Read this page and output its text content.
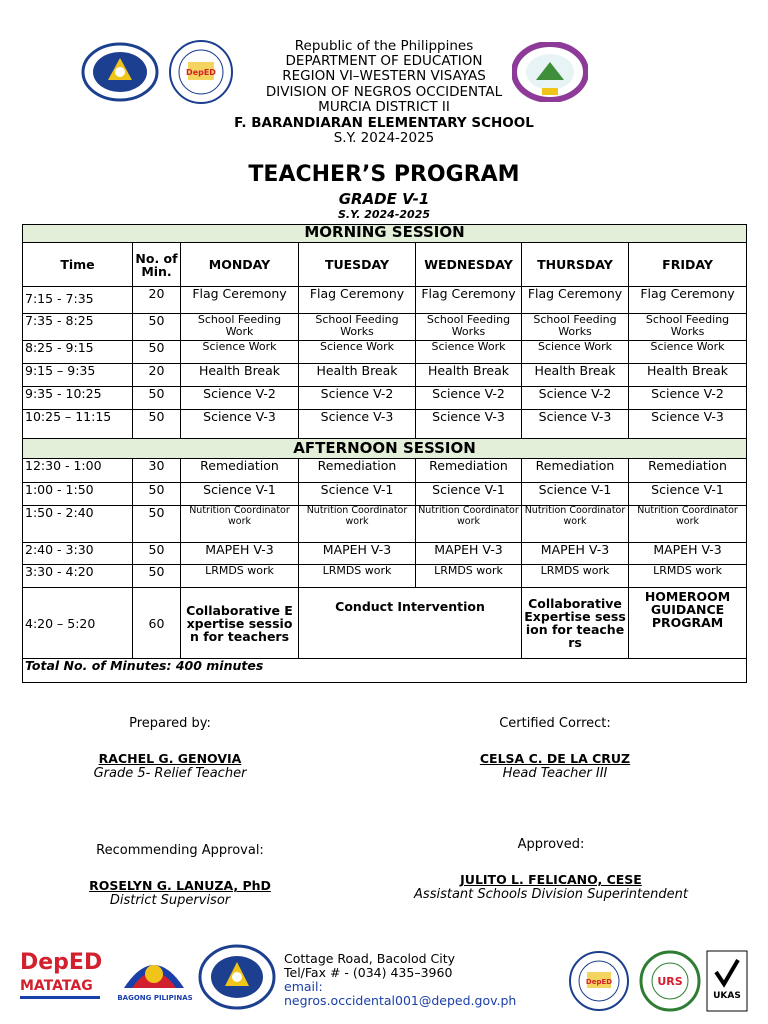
DepED
Republic of the Philippines
DEPARTMENT OF EDUCATION
REGION VI–WESTERN VISAYAS
DIVISION OF NEGROS OCCIDENTAL
MURCIA DISTRICT II
F. BARANDIARAN ELEMENTARY SCHOOL
S.Y. 2024-2025
TEACHER’S PROGRAM
GRADE V-1
S.Y. 2024-2025
MORNING SESSION						
Time	No. of Min.	MONDAY	TUESDAY	WEDNESDAY	THURSDAY	FRIDAY
7:15 - 7:35	20	Flag Ceremony	Flag Ceremony	Flag Ceremony	Flag Ceremony	Flag Ceremony
7:35 - 8:25	50	School Feeding Work	School Feeding Works	School Feeding Works	School Feeding Works	School Feeding Works
8:25 - 9:15	50	Science Work	Science Work	Science Work	Science Work	Science Work
9:15 – 9:35	20	Health Break	Health Break	Health Break	Health Break	Health Break
9:35 - 10:25	50	Science V-2	Science V-2	Science V-2	Science V-2	Science V-2
10:25 – 11:15	50	Science V-3	Science V-3	Science V-3	Science V-3	Science V-3
AFTERNOON SESSION						
12:30 - 1:00	30	Remediation	Remediation	Remediation	Remediation	Remediation
1:00 - 1:50	50	Science V-1	Science V-1	Science V-1	Science V-1	Science V-1
1:50 - 2:40	50	Nutrition Coordinator work	Nutrition Coordinator work	Nutrition Coordinator work	Nutrition Coordinator work	Nutrition Coordinator work
2:40 - 3:30	50	MAPEH V-3	MAPEH V-3	MAPEH V-3	MAPEH V-3	MAPEH V-3
3:30 - 4:20	50	LRMDS work	LRMDS work	LRMDS work	LRMDS work	LRMDS work
4:20 – 5:20	60	Collaborative Expertise session for teachers	Conduct Intervention		Collaborative Expertise session for teachers	HOMEROOM GUIDANCE PROGRAM
Total No. of Minutes: 400 minutes						
Prepared by:
RACHEL G. GENOVIA
Grade 5- Relief Teacher
Certified Correct:
CELSA C. DE LA CRUZ
Head Teacher III
Recommending Approval:
ROSELYN G. LANUZA, PhD
District Supervisor
Approved:
JULITO L. FELICANO, CESE
Assistant Schools Division Superintendent
DepED
MATATAG
BAGONG PILIPINAS
Cottage Road, Bacolod City
Tel/Fax # - (034) 435–3960
email:
negros.occidental001@deped.gov.ph
DepED	URS
UKAS
